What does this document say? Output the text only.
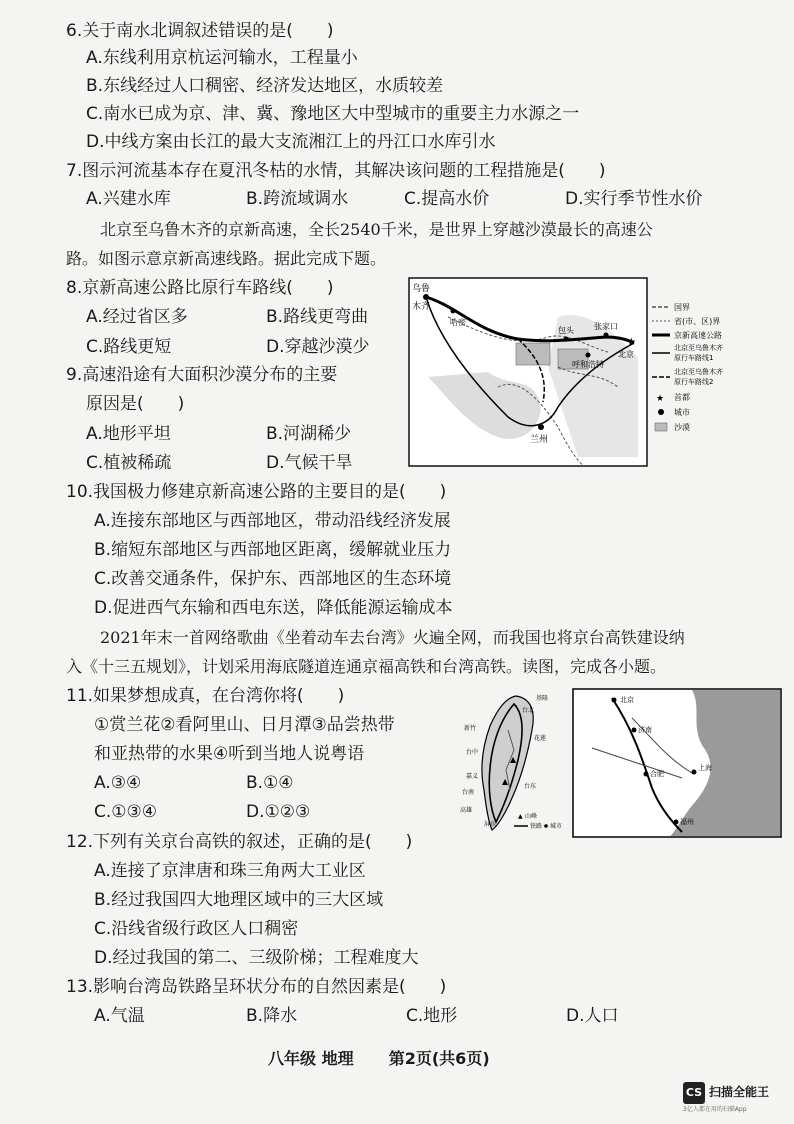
6.关于南水北调叙述错误的是(　　)
A.东线利用京杭运河输水，工程量小
B.东线经过人口稠密、经济发达地区，水质较差
C.南水已成为京、津、冀、豫地区大中型城市的重要主力水源之一
D.中线方案由长江的最大支流湘江上的丹江口水库引水
7.图示河流基本存在夏汛冬枯的水情，其解决该问题的工程措施是(　　)
A.兴建水库	B.跨流域调水	C.提高水价	D.实行季节性水价
北京至乌鲁木齐的京新高速，全长2540千米，是世界上穿越沙漠最长的高速公
路。如图示意京新高速线路。据此完成下题。
8.京新高速公路比原行车路线(　　)
A.经过省区多	B.路线更弯曲
C.路线更短	D.穿越沙漠少
9.高速沿途有大面积沙漠分布的主要
原因是(　　)
A.地形平坦	B.河湖稀少
C.植被稀疏	D.气候干旱
★
乌鲁
木齐
哈密
包头	张家口
呼和浩特
北京
兰州
国界
省(市、区)界
京新高速公路
北京至乌鲁木齐
原行车路线1
北京至乌鲁木齐
原行车路线2
★ 首都
城市
沙漠
10.我国极力修建京新高速公路的主要目的是(　　)
A.连接东部地区与西部地区，带动沿线经济发展
B.缩短东部地区与西部地区距离，缓解就业压力
C.改善交通条件，保护东、西部地区的生态环境
D.促进西气东输和西电东送，降低能源运输成本
2021年末一首网络歌曲《坐着动车去台湾》火遍全网，而我国也将京台高铁建设纳
入《十三五规划》，计划采用海底隧道连通京福高铁和台湾高铁。读图，完成各小题。
11.如果梦想成真，在台湾你将(　　)
①赏兰花②看阿里山、日月潭③品尝热带
和亚热带的水果④听到当地人说粤语
A.③④	B.①④
C.①③④	D.①②③
▲
▲
基隆
台北
新竹
台中
嘉义
台南
高雄
花莲
台东
屏东
▲ 山峰
铁路 城市
北京
济南
合肥
上海
福州
12.下列有关京台高铁的叙述，正确的是(　　)
A.连接了京津唐和珠三角两大工业区
B.经过我国四大地理区域中的三大区域
C.沿线省级行政区人口稠密
D.经过我国的第二、三级阶梯；工程难度大
13.影响台湾岛铁路呈环状分布的自然因素是(　　)
A.气温	B.降水	C.地形	D.人口
八年级 地理 第2页(共6页)
CS 扫描全能王
3亿人都在用的扫描App
